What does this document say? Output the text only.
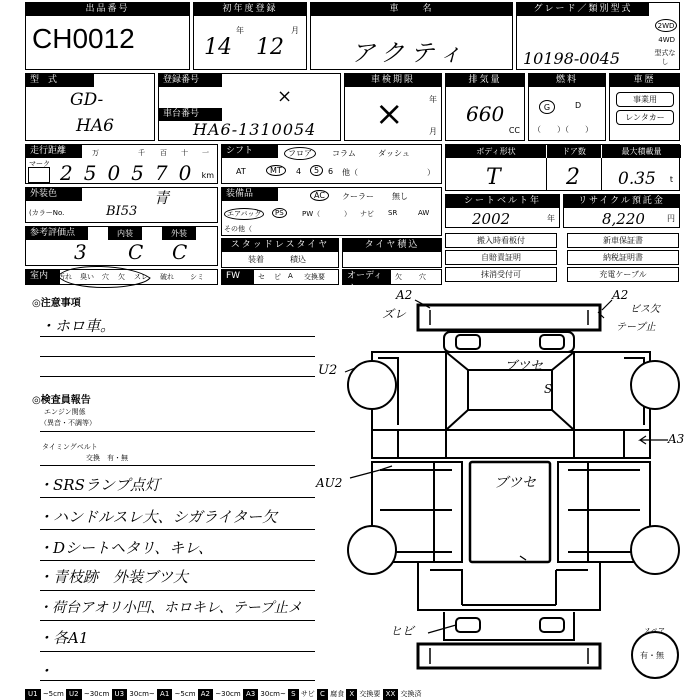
出品番号
CH0012
初年度登録
14
年
12
月
車　　名
アクティ
グレード／類別型式
10198-0045
2WD
4WD
型式なし
型　式
GD-
HA6
登録番号
×
車台番号
HA6-1310054
車検期限
×	年
月
排気量
660
CC
燃料
G	D
（　　）（　　）
車歴
事業用
レンタカー
走行距離
マーク 250570
万	千 百 十 一
km
シフト	フロア	コラム	ダッシュ
AT	MT	4	5	6 他（	）
ボディ形状	ドア数	最大積載量
T	2 0.35 t
外装色	青
(カラーNo.	BI53
装備品	AC	クーラー 無し
エアバッグ	PS	PW（	） ナビ SR	AW
その他（
シートベルト年
2002	年
リサイクル預託金
8,220	円
参考評価点	内装	外装
3 C C	スタッドレスタイヤ
装着	積込
タイヤ積込	搬入時看板付	新車保証書
自賠責証明	納税証明書
抹消受付可	充電ケーブル
室内	汚れ 臭い 穴 欠 スレ 破れ シミ	FW	セ ピ A 交換要	オーディオ
欠 穴
◎注意事項
・ホロ車。
◎検査員報告
エンジン関係
（異音・不調等）
タイミングベルト
交換　有・無
・SRSランプ点灯
・ハンドルスレ大、シガライター欠
・Dシートヘタリ、キレ、
・青枝跡　外装ブツ大
・荷台アオリ小凹、ホロキレ、テープ止メ
・各A1
・
A2
ズレ
A2
ビス欠
テープ止
U2	ブツセ
S
AU2
A3
ブツセ
ヒビ	スペア
有・無
U1 ~5cm U2 ~30cm U3 30cm~ A1 ~5cm A2 ~30cm A3 30cm~ S サビ C 腐食 X 交換要 XX 交換済
